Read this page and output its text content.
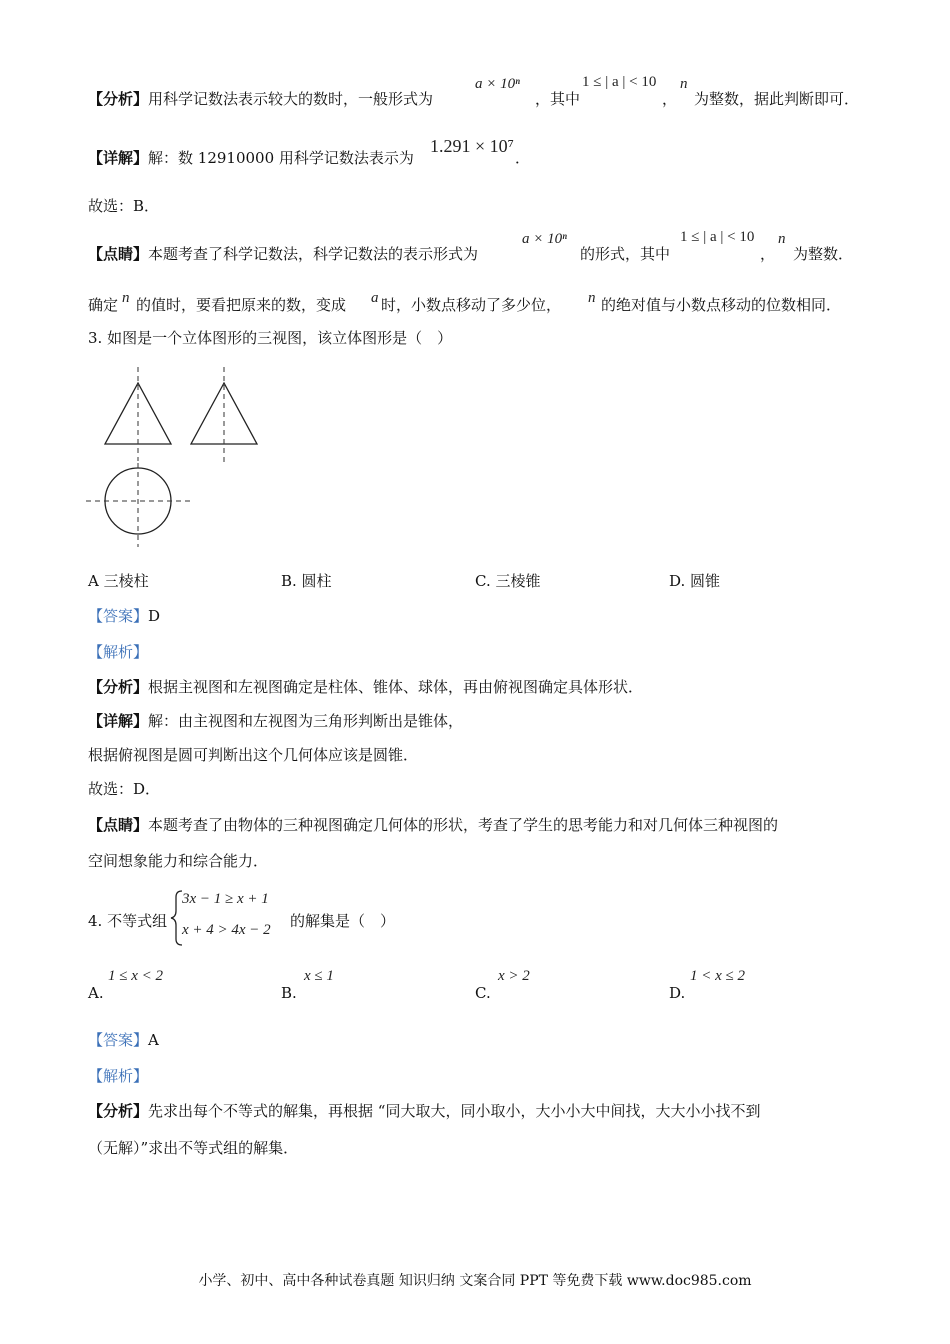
【分析】用科学记数法表示较大的数时，一般形式为
a × 10ⁿ
，其中
1 ≤ | a | < 10
，
n
为整数，据此判断即可．
【详解】解：数 12910000 用科学记数法表示为
1.291 × 10⁷
．
故选：B．
【点睛】本题考查了科学记数法，科学记数法的表示形式为
a × 10ⁿ
的形式，其中
1 ≤ | a | < 10
，
n
为整数．
确定 n 的值时，要看把原来的数，变成 a 时，小数点移动了多少位， n 的绝对值与小数点移动的位数相同．
3. 如图是一个立体图形的三视图，该立体图形是（　）
A 三棱柱	B. 圆柱	C. 三棱锥	D. 圆锥
【答案】D
【解析】
【分析】根据主视图和左视图确定是柱体、锥体、球体，再由俯视图确定具体形状．
【详解】解：由主视图和左视图为三角形判断出是锥体，
根据俯视图是圆可判断出这个几何体应该是圆锥．
故选：D．
【点睛】本题考查了由物体的三种视图确定几何体的形状，考查了学生的思考能力和对几何体三种视图的
空间想象能力和综合能力．
4. 不等式组
3x − 1 ≥ x + 1
x + 4 > 4x − 2 的解集是（　）
A.
1 ≤ x < 2
B.
x ≤ 1
C.
x > 2
D.
1 < x ≤ 2
【答案】A
【解析】
【分析】先求出每个不等式的解集，再根据 “同大取大，同小取小，大小小大中间找，大大小小找不到
（无解）”求出不等式组的解集．
小学、初中、高中各种试卷真题 知识归纳 文案合同 PPT 等免费下载 www.doc985.com
